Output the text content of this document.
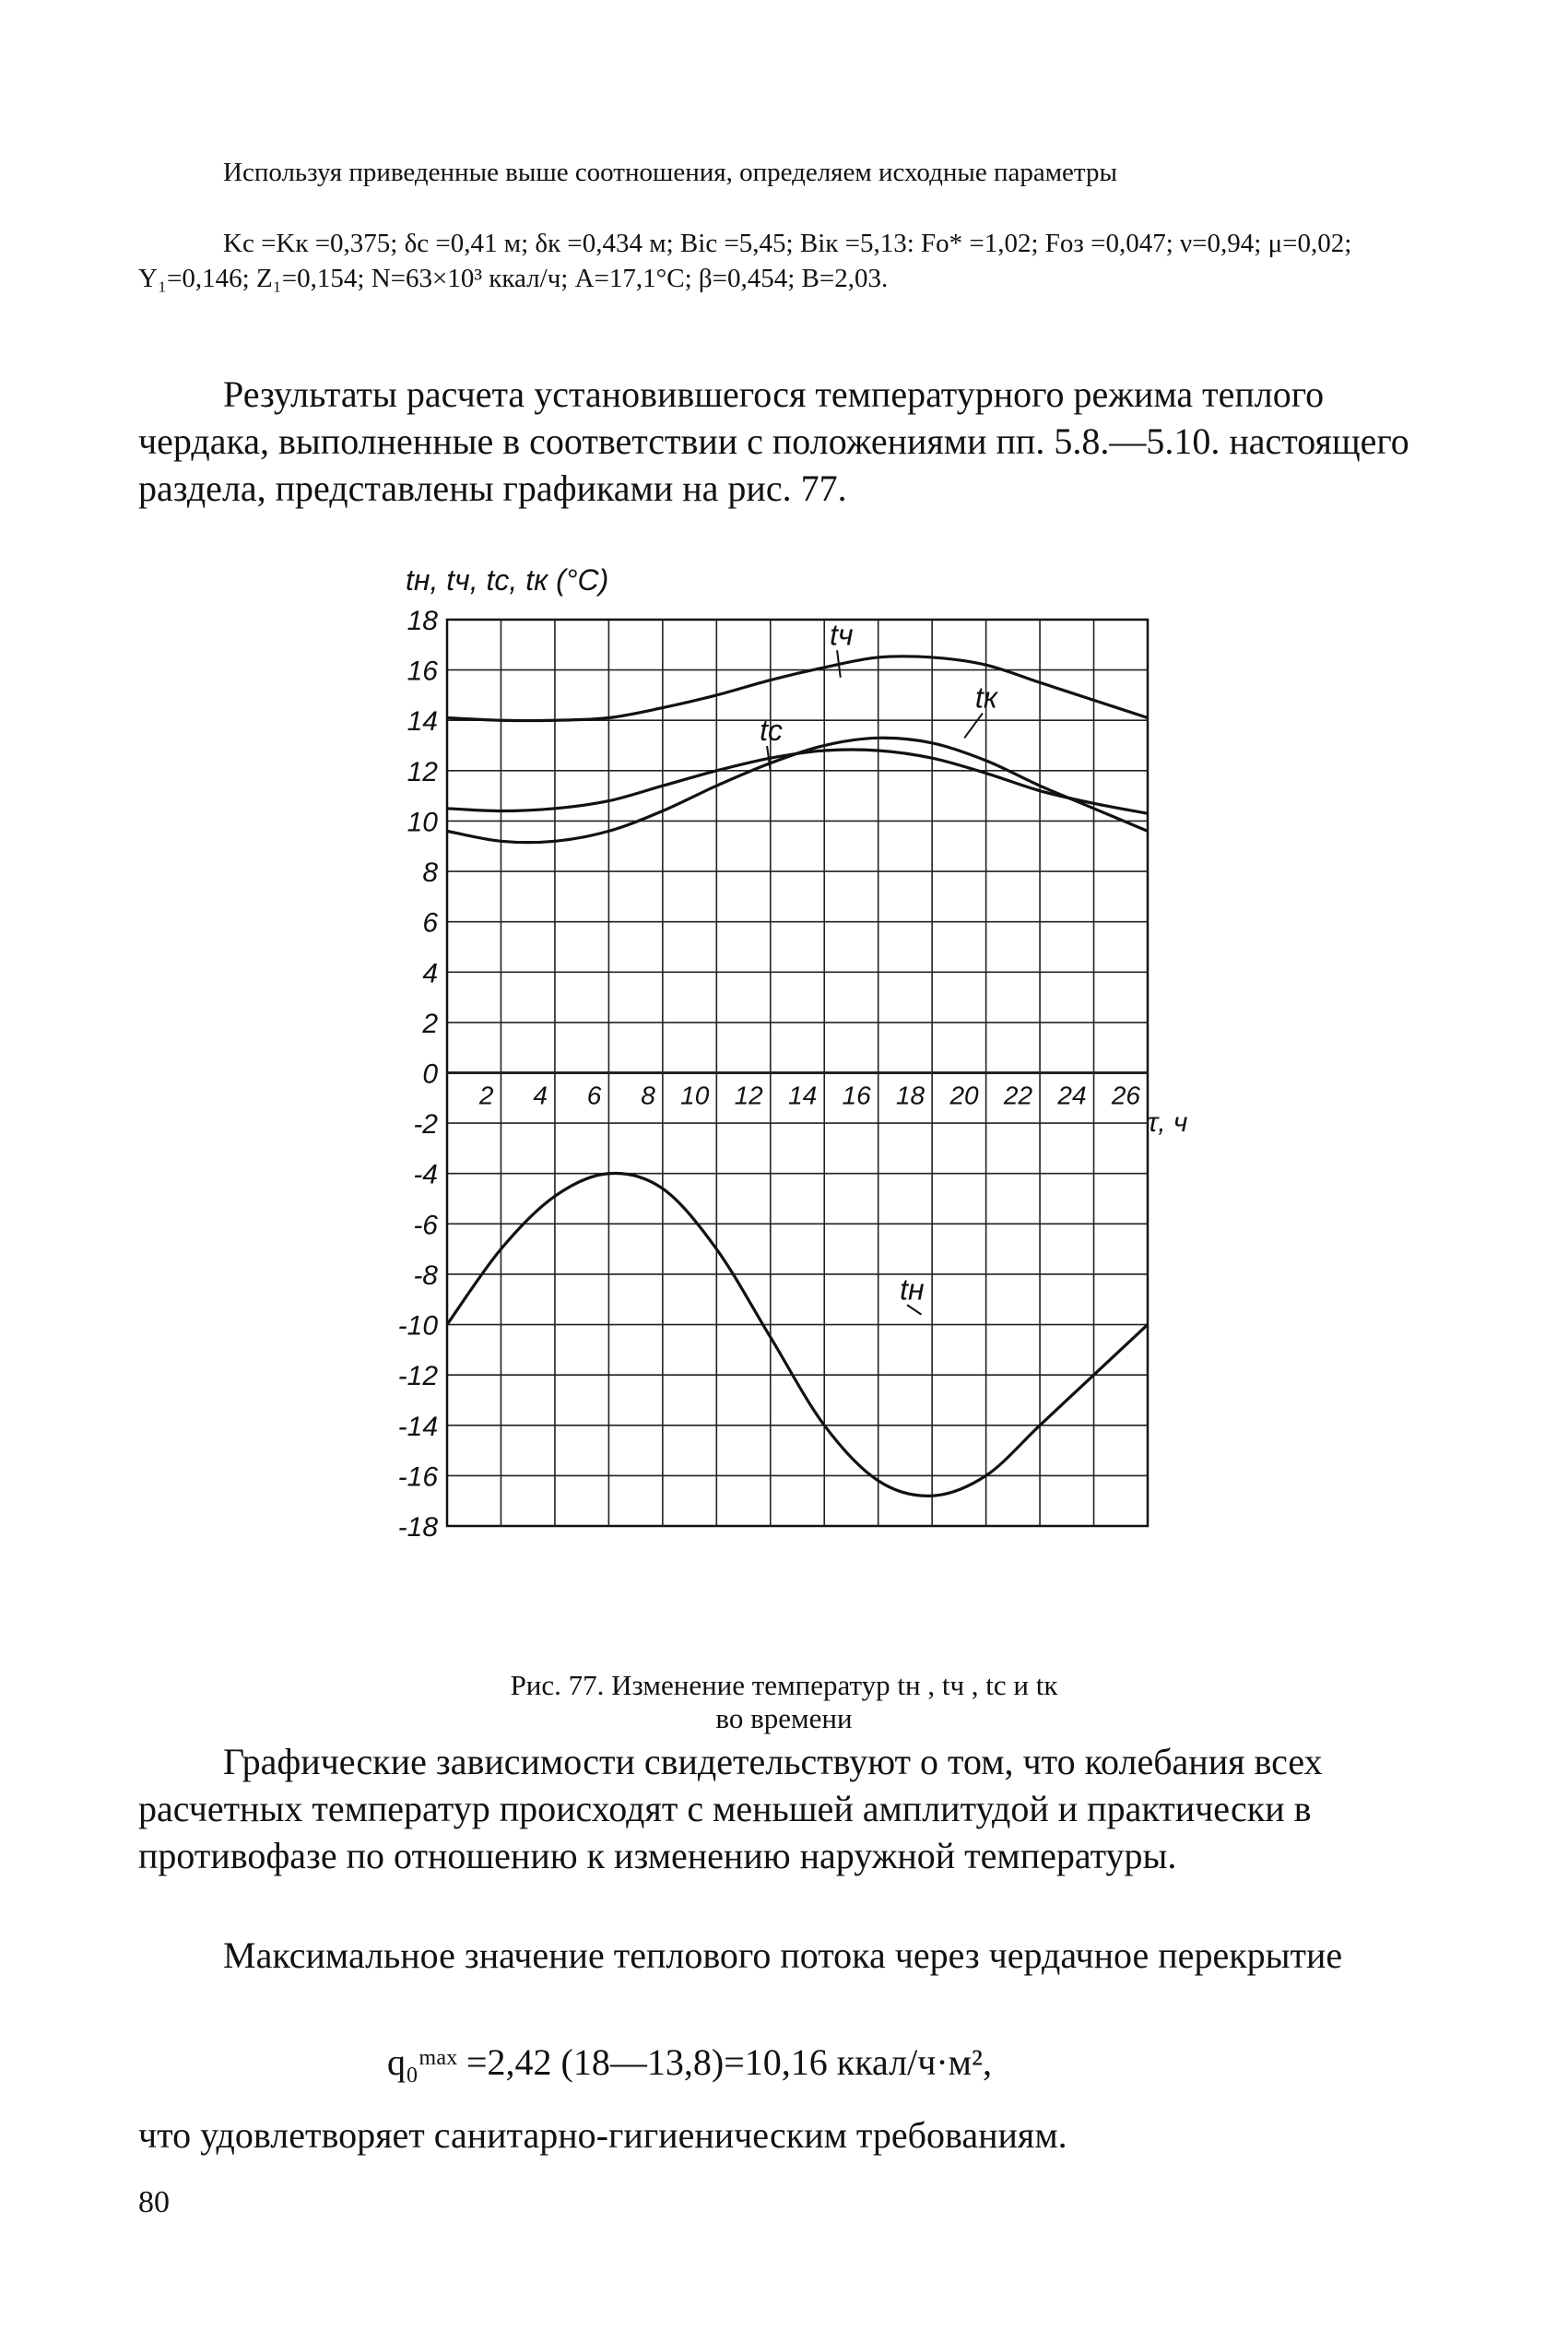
Используя приведенные выше соотношения, определяем исходные параметры

Kс =Kк =0,375; δс =0,41 м; δк =0,434 м; Biс =5,45; Biк =5,13: Fo* =1,02; Foз =0,047; ν=0,94; μ=0,02; Y₁=0,146; Z₁=0,154; N=63×10³ ккал/ч; A=17,1°C; β=0,454; B=2,03.

Результаты расчета установившегося температурного режима теплого чердака, выполненные в соответствии с положениями пп. 5.8.—5.10. настоящего раздела, представлены графиками на рис. 77.

tн, tч, tс, tк (°C)
18
16
14
12
10
8
6
4
2
0
-2
-4
-6
-8
-10
-12
-14
-16
-18
2 4 6 8 10 12 14 16 18 20 22 24 26
tч
tк
tс
tн
τ, ч
Рис. 77. Изменение температур tн , tч , tс и tк
во времени

Графические зависимости свидетельствуют о том, что колебания всех расчетных температур происходят с меньшей амплитудой и практически в противофазе по отношению к изменению наружной температуры.

Максимальное значение теплового потока через чердачное перекрытие

q₀ᵐᵃˣ =2,42 (18—13,8)=10,16 ккал/ч·м²,
что удовлетворяет санитарно-гигиеническим требованиям.
80
